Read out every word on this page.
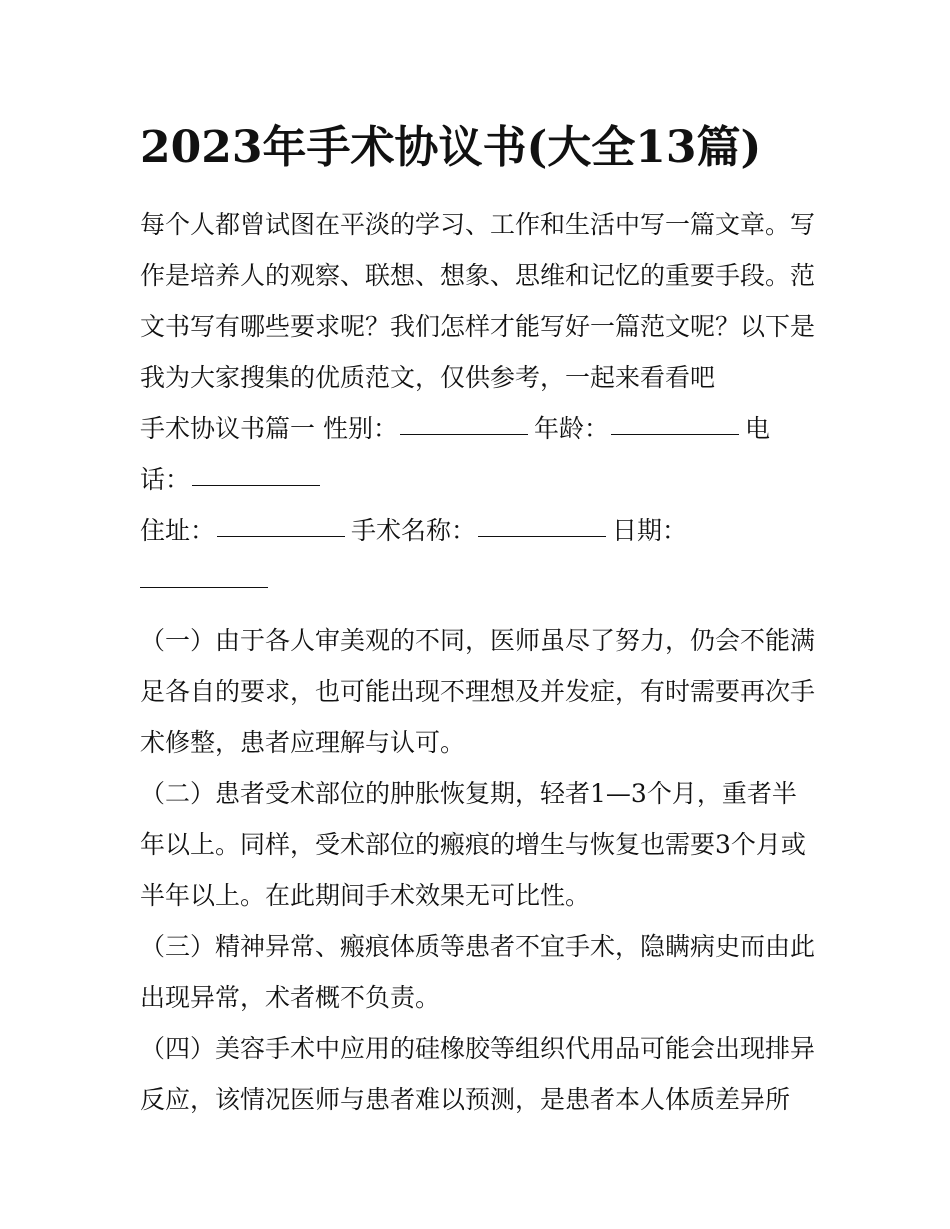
2023年手术协议书(大全13篇)
每个人都曾试图在平淡的学习、工作和生活中写一篇文章。写
作是培养人的观察、联想、想象、思维和记忆的重要手段。范
文书写有哪些要求呢？我们怎样才能写好一篇范文呢？以下是
我为大家搜集的优质范文，仅供参考，一起来看看吧
手术协议书篇一 性别：	年龄：	电
话：
住址：	手术名称：	日期：
（一）由于各人审美观的不同，医师虽尽了努力，仍会不能满
足各自的要求，也可能出现不理想及并发症，有时需要再次手
术修整，患者应理解与认可。
（二）患者受术部位的肿胀恢复期，轻者1—3个月，重者半
年以上。同样，受术部位的瘢痕的增生与恢复也需要3个月或
半年以上。在此期间手术效果无可比性。
（三）精神异常、瘢痕体质等患者不宜手术，隐瞒病史而由此
出现异常，术者概不负责。
（四）美容手术中应用的硅橡胶等组织代用品可能会出现排异
反应，该情况医师与患者难以预测，是患者本人体质差异所
